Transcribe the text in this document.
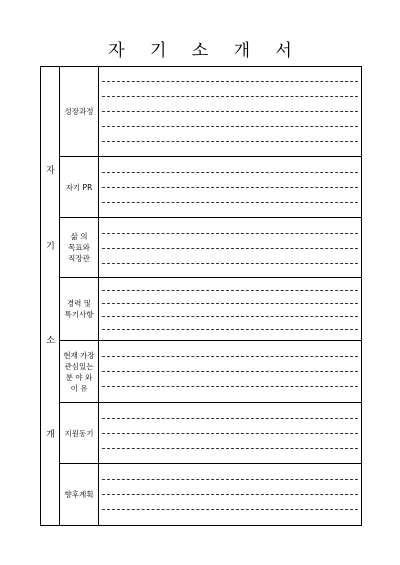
자 기 소 개 서
자
기
소
개
성장과정
자기 PR
삶 의
목표와
직장관
경력 및
특기사항
현재 가장
관심있는
분 야 와
이 유
지원동기
향후계획
